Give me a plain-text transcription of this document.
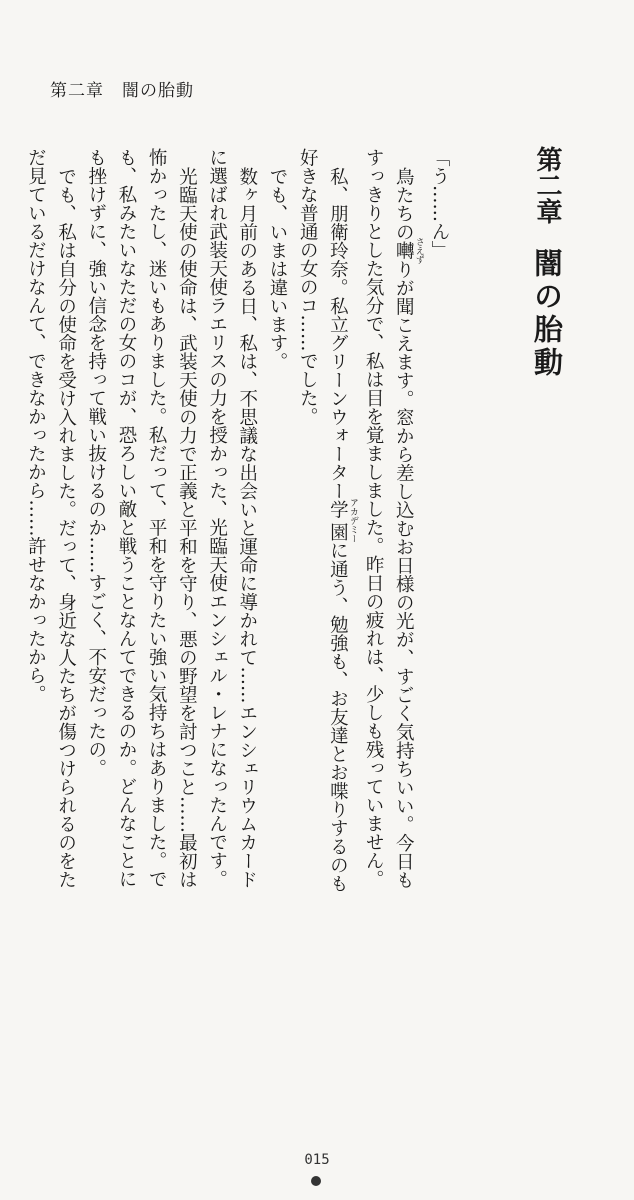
第二章　闇の胎動
第二章闇の胎動
「う……ん」
鳥たちの囀 さえずりが聞こえます。窓から差し込むお日様の光が、すごく気持ちいい。今日も
すっきりとした気分で、私は目を覚ましました。昨日の疲れは、少しも残っていません。
私、朋衛玲奈。私立グリーンウォーター学園 アカデミーに通う、勉強も、お友達とお喋りするのも
好きな普通の女のコ……でした。
でも、いまは違います。
数ヶ月前のある日、私は、不思議な出会いと運命に導かれて……エンシェリウムカード
に選ばれ武装天使ラエリスの力を授かった、光臨天使エンシェル・レナになったんです。
光臨天使の使命は、武装天使の力で正義と平和を守り、悪の野望を討つこと……最初は
怖かったし、迷いもありました。私だって、平和を守りたい強い気持ちはありました。で
も、私みたいなただの女のコが、恐ろしい敵と戦うことなんてできるのか。どんなことに
も挫けずに、強い信念を持って戦い抜けるのか……すごく、不安だったの。
でも、私は自分の使命を受け入れました。だって、身近な人たちが傷つけられるのをた
だ見ているだけなんて、できなかったから……許せなかったから。
015
